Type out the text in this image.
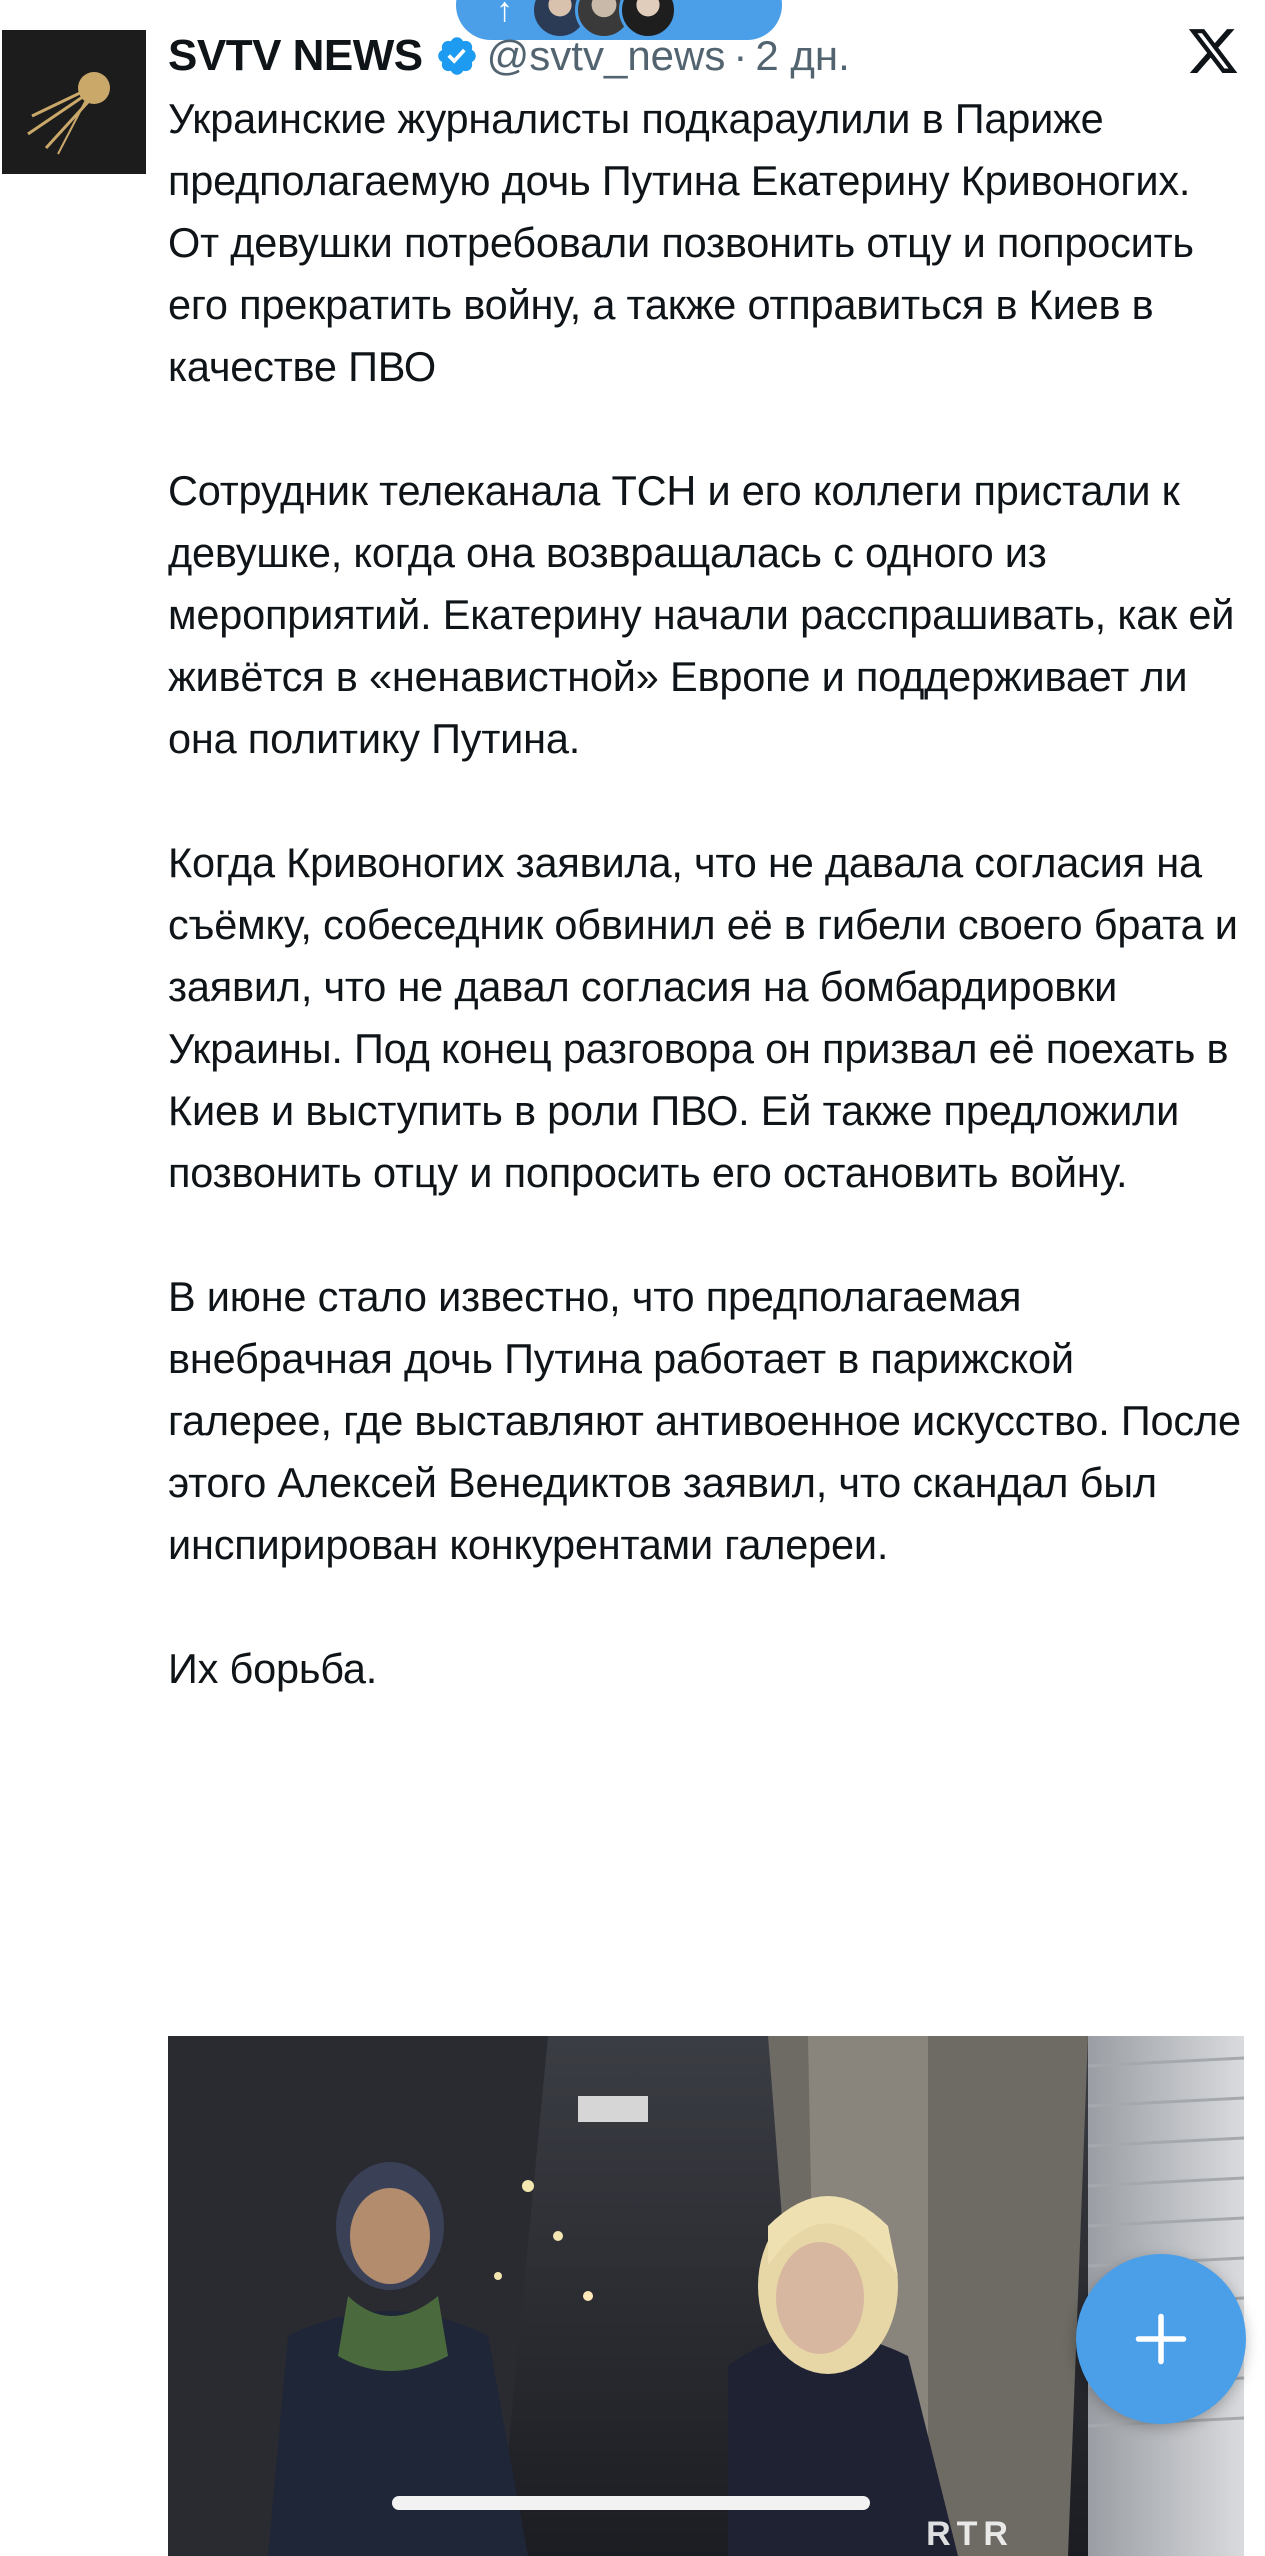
↑
SVTV NEWS @svtv_news · 2 дн.

Украинские журналисты подкараулили в Париже предполагаемую дочь Путина Екатерину Кривоногих. От девушки потребовали позвонить отцу и попросить его прекратить войну, а также отправиться в Киев в качестве ПВО

Сотрудник телеканала ТСН и его коллеги пристали к девушке, когда она возвращалась с одного из мероприятий. Екатерину начали расспрашивать, как ей живётся в «ненавистной» Европе и поддерживает ли она политику Путина.

Когда Кривоногих заявила, что не давала согласия на съёмку, собеседник обвинил её в гибели своего брата и заявил, что не давал согласия на бомбардировки Украины. Под конец разговора он призвал её поехать в Киев и выступить в роли ПВО. Ей также предложили позвонить отцу и попросить его остановить войну.

В июне стало известно, что предполагаемая внебрачная дочь Путина работает в парижской галерее, где выставляют антивоенное искусство. После этого Алексей Венедиктов заявил, что скандал был инспирирован конкурентами галереи.

Их борьба.

RTR
